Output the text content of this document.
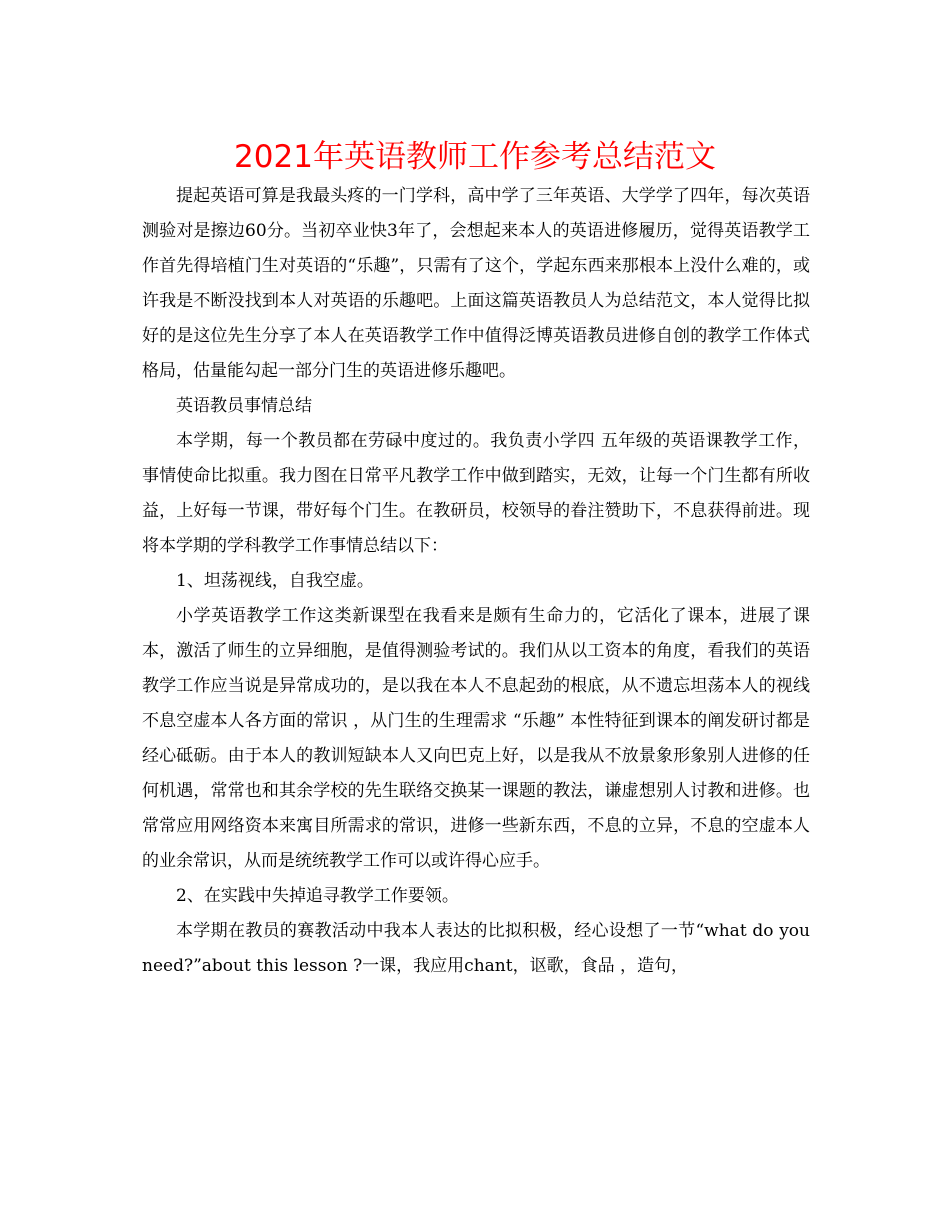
2021年英语教师工作参考总结范文

提起英语可算是我最头疼的一门学科，高中学了三年英语、大学学了四年，每次英语测验对是擦边60分。当初卒业快3年了，会想起来本人的英语进修履历，觉得英语教学工作首先得培植门生对英语的“乐趣”，只需有了这个，学起东西来那根本上没什么难的，或许我是不断没找到本人对英语的乐趣吧。上面这篇英语教员人为总结范文，本人觉得比拟好的是这位先生分享了本人在英语教学工作中值得泛博英语教员进修自创的教学工作体式格局，估量能勾起一部分门生的英语进修乐趣吧。

英语教员事情总结

本学期，每一个教员都在劳碌中度过的。我负责小学四 五年级的英语课教学工作，事情使命比拟重。我力图在日常平凡教学工作中做到踏实，无效，让每一个门生都有所收益，上好每一节课，带好每个门生。在教研员，校领导的眷注赞助下，不息获得前进。现将本学期的学科教学工作事情总结以下：

1、坦荡视线，自我空虚。

小学英语教学工作这类新课型在我看来是颇有生命力的，它活化了课本，进展了课本，激活了师生的立异细胞，是值得测验考试的。我们从以工资本的角度，看我们的英语教学工作应当说是异常成功的，是以我在本人不息起劲的根底，从不遗忘坦荡本人的视线不息空虚本人各方面的常识 ，从门生的生理需求 “乐趣” 本性特征到课本的阐发研讨都是经心砥砺。由于本人的教训短缺本人又向巴克上好，以是我从不放景象形象别人进修的任何机遇，常常也和其余学校的先生联络交换某一课题的教法，谦虚想别人讨教和进修。也常常应用网络资本来寓目所需求的常识，进修一些新东西，不息的立异，不息的空虚本人的业余常识，从而是统统教学工作可以或许得心应手。

2、在实践中失掉追寻教学工作要领。

本学期在教员的赛教活动中我本人表达的比拟积极，经心设想了一节“what do you need?”about this lesson ?一课，我应用chant，讴歌，食品 ，造句，
